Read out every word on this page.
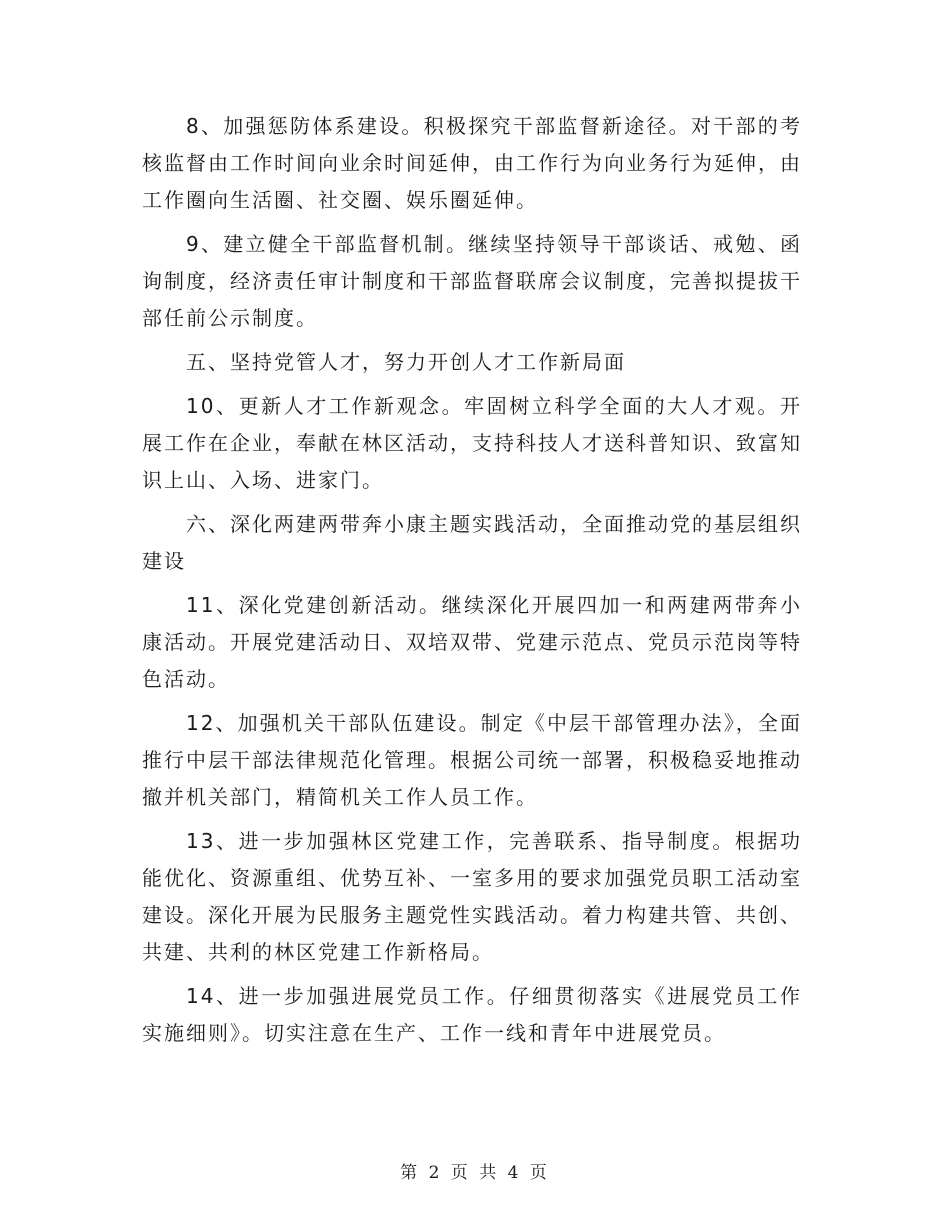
8、加强惩防体系建设。积极探究干部监督新途径。对干部的考核监督由工作时间向业余时间延伸，由工作行为向业务行为延伸，由工作圈向生活圈、社交圈、娱乐圈延伸。

9、建立健全干部监督机制。继续坚持领导干部谈话、戒勉、函询制度，经济责任审计制度和干部监督联席会议制度，完善拟提拔干部任前公示制度。

五、坚持党管人才，努力开创人才工作新局面

10、更新人才工作新观念。牢固树立科学全面的大人才观。开展工作在企业，奉献在林区活动，支持科技人才送科普知识、致富知识上山、入场、进家门。

六、深化两建两带奔小康主题实践活动，全面推动党的基层组织建设

11、深化党建创新活动。继续深化开展四加一和两建两带奔小康活动。开展党建活动日、双培双带、党建示范点、党员示范岗等特色活动。

12、加强机关干部队伍建设。制定《中层干部管理办法》，全面推行中层干部法律规范化管理。根据公司统一部署，积极稳妥地推动撤并机关部门，精简机关工作人员工作。

13、进一步加强林区党建工作，完善联系、指导制度。根据功能优化、资源重组、优势互补、一室多用的要求加强党员职工活动室建设。深化开展为民服务主题党性实践活动。着力构建共管、共创、共建、共利的林区党建工作新格局。

14、进一步加强进展党员工作。仔细贯彻落实《进展党员工作实施细则》。切实注意在生产、工作一线和青年中进展党员。

第 2 页 共 4 页
